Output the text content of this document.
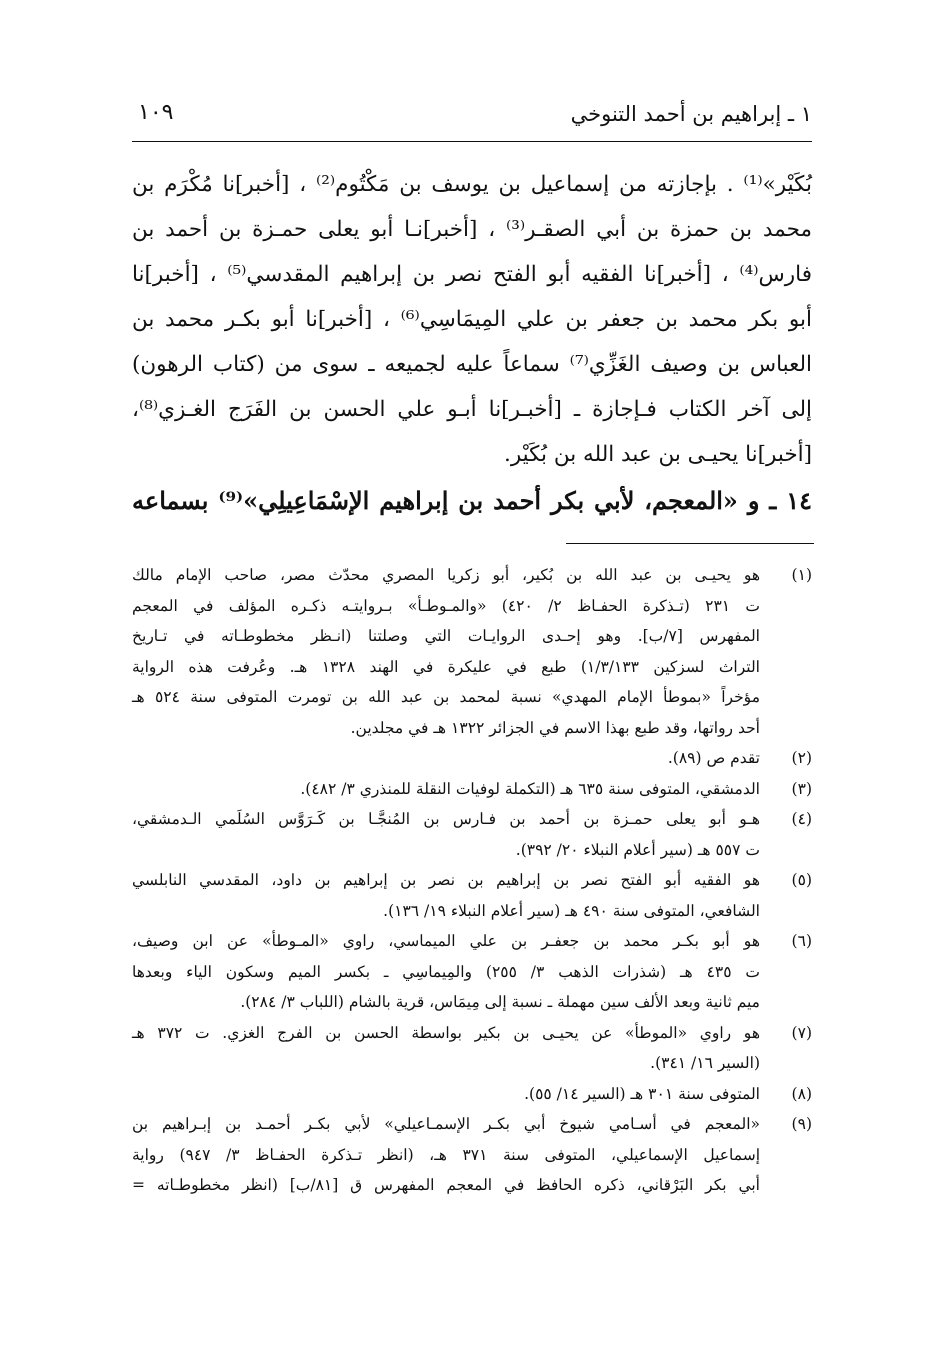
١ ـ إبراهيم بن أحمد التنوخي
١٠٩
بُكَيْر»⁽¹⁾ . بإجازته من إسماعيل بن يوسف بن مَكْتُوم⁽²⁾ ، [أخبر]نا مُكْرَم بن
محمد بن حمزة بن أبي الصقـر⁽³⁾ ، [أخبر]نـا أبو يعلى حمـزة بن أحمد بن
فارس⁽⁴⁾ ، [أخبر]نا الفقيه أبو الفتح نصر بن إبراهيم المقدسي⁽⁵⁾ ، [أخبر]نا
أبو بكر محمد بن جعفر بن علي المِيمَاسِي⁽⁶⁾ ، [أخبر]نا أبو بكـر محمد بن
العباس بن وصيف الغَزِّي⁽⁷⁾ سماعاً عليه لجميعه ـ سوى من (كتاب الرهون)
إلى آخر الكتاب فـإجازة ـ [أخبـر]نا أبـو علي الحسن بن الفَرَج الغـزي⁽⁸⁾،
[أخبر]نا يحيـى بن عبد الله بن بُكَيْر.
١٤ ـ و «المعجم، لأبي بكر أحمد بن إبراهيم الإسْمَاعِيلِي»⁽⁹⁾ بسماعه
(١)
هو يحيـى بن عبد الله بن بُكير، أبو زكريا المصري محدّث مصر، صاحب الإمام مالك
ت ٢٣١ (تـذكرة الحفـاظ ٢/ ٤٢٠) «والمـوطـأ» بـروايتـه ذكـره المؤلف في المعجم
المفهرس [٧/ب]. وهو إحـدى الروايـات التي وصلتنا (انـظر مخطوطـاته في تـاريخ
التراث لسزكين ١/٣/١٣٣) طبع في عليكرة في الهند ١٣٢٨ هـ. وعُرفت هذه الرواية
مؤخراً «بموطأ الإمام المهدي» نسبة لمحمد بن عبد الله بن تومرت المتوفى سنة ٥٢٤ هـ
أحد رواتها، وقد طبع بهذا الاسم في الجزائر ١٣٢٢ هـ في مجلدين.
(٢)
تقدم ص (٨٩).
(٣)
الدمشقي، المتوفى سنة ٦٣٥ هـ (التكملة لوفيات النقلة للمنذري ٣/ ٤٨٢).
(٤)
هـو أبو يعلى حمـزة بن أحمد بن فـارس بن المُنجَّـا بن كَـرَوَّس السُلَمي الـدمشقي،
ت ٥٥٧ هـ (سير أعلام النبلاء ٢٠/ ٣٩٢).
(٥)
هو الفقيه أبو الفتح نصر بن إبراهيم بن نصر بن إبراهيم بن داود، المقدسي النابلسي
الشافعي، المتوفى سنة ٤٩٠ هـ (سير أعلام النبلاء ١٩/ ١٣٦).
(٦)
هو أبو بكـر محمد بن جعفـر بن علي الميماسي، راوي «المـوطأ» عن ابن وصيف،
ت ٤٣٥ هـ (شذرات الذهب ٣/ ٢٥٥) والمِيماسِي ـ بكسر الميم وسكون الياء وبعدها
ميم ثانية وبعد الألف سين مهملة ـ نسبة إلى مِيمَاس، قرية بالشام (اللباب ٣/ ٢٨٤).
(٧)
هو راوي «الموطأ» عن يحيـى بن بكير بواسطة الحسن بن الفرج الغزي. ت ٣٧٢ هـ
(السير ١٦/ ٣٤١).
(٨)
المتوفى سنة ٣٠١ هـ (السير ١٤/ ٥٥).
(٩)
«المعجم في أسـامي شيوخ أبي بكـر الإسمـاعيلي» لأبي بكـر أحمـد بن إبـراهيم بن
إسماعيل الإسماعيلي، المتوفى سنة ٣٧١ هـ، (انظر تـذكرة الحفـاظ ٣/ ٩٤٧) رواية
أبي بكر البَرْقاني، ذكره الحافظ في المعجم المفهرس ق [٨١/ب] (انظر مخطوطـاته =
